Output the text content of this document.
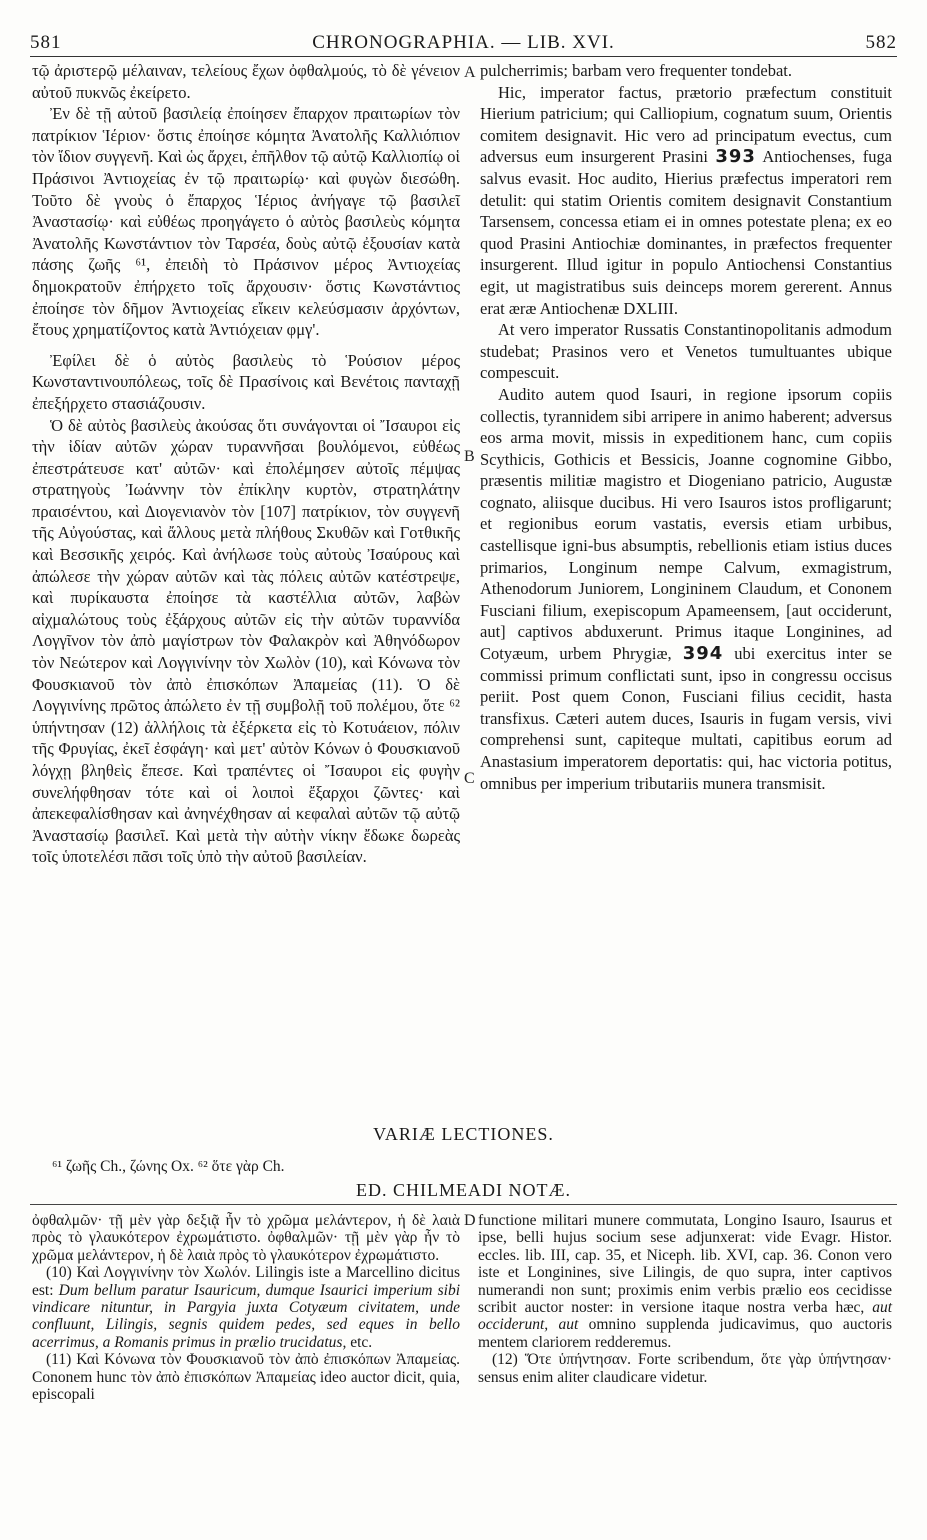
581	CHRONOGRAPHIA. — LIB. XVI.	582

τῷ ἀριστερῷ μέλαιναν, τελείους ἔχων ὀφθαλμούς, τὸ δὲ γένειον αὐτοῦ πυκνῶς ἐκείρετο.

Ἐν δὲ τῇ αὐτοῦ βασιλείᾳ ἐποίησεν ἔπαρχον πραιτωρίων τὸν πατρίκιον Ἱέριον· ὅστις ἐποίησε κόμητα Ἀνατολῆς Καλλιόπιον τὸν ἴδιον συγγενῆ. Καὶ ὡς ἄρχει, ἐπῆλθον τῷ αὐτῷ Καλλιοπίῳ οἱ Πράσινοι Ἀντιοχείας ἐν τῷ πραιτωρίῳ· καὶ φυγὼν διεσώθη. Τοῦτο δὲ γνοὺς ὁ ἔπαρχος Ἱέριος ἀνήγαγε τῷ βασιλεῖ Ἀναστασίῳ· καὶ εὐθέως προηγάγετο ὁ αὐτὸς βασιλεὺς κόμητα Ἀνατολῆς Κωνστάντιον τὸν Ταρσέα, δοὺς αὐτῷ ἐξουσίαν κατὰ πάσης ζωῆς ⁶¹, ἐπειδὴ τὸ Πράσινον μέρος Ἀντιοχείας δημοκρατοῦν ἐπήρχετο τοῖς ἄρχουσιν· ὅστις Κωνστάντιος ἐποίησε τὸν δῆμον Ἀντιοχείας εἴκειν κελεύσμασιν ἀρχόντων, ἔτους χρηματίζοντος κατὰ Ἀντιόχειαν φμγ'.

Ἐφίλει δὲ ὁ αὐτὸς βασιλεὺς τὸ Ῥούσιον μέρος Κωνσταντινουπόλεως, τοῖς δὲ Πρασίνοις καὶ Βενέτοις πανταχῇ ἐπεξήρχετο στασιάζουσιν.

Ὁ δὲ αὐτὸς βασιλεὺς ἀκούσας ὅτι συνάγονται οἱ Ἴσαυροι εἰς τὴν ἰδίαν αὐτῶν χώραν τυραννῆσαι βουλόμενοι, εὐθέως ἐπεστράτευσε κατ' αὐτῶν· καὶ ἐπολέμησεν αὐτοῖς πέμψας στρατηγοὺς Ἰωάννην τὸν ἐπίκλην κυρτὸν, στρατηλάτην πραισέντου, καὶ Διογενιανὸν τὸν [107] πατρίκιον, τὸν συγγενῆ τῆς Αὐγούστας, καὶ ἄλλους μετὰ πλήθους Σκυθῶν καὶ Γοτθικῆς καὶ Βεσσικῆς χειρός. Καὶ ἀνήλωσε τοὺς αὐτοὺς Ἰσαύρους καὶ ἀπώλεσε τὴν χώραν αὐτῶν καὶ τὰς πόλεις αὐτῶν κατέστρεψε, καὶ πυρίκαυστα ἐποίησε τὰ καστέλλια αὐτῶν, λαβὼν αἰχμαλώτους τοὺς ἐξάρχους αὐτῶν εἰς τὴν αὐτῶν τυραννίδα Λογγῖνον τὸν ἀπὸ μαγίστρων τὸν Φαλακρὸν καὶ Ἀθηνόδωρον τὸν Νεώτερον καὶ Λογγινίνην τὸν Χωλὸν (10), καὶ Κόνωνα τὸν Φουσκιανοῦ τὸν ἀπὸ ἐπισκόπων Ἀπαμείας (11). Ὁ δὲ Λογγινίνης πρῶτος ἀπώλετο ἐν τῇ συμβολῇ τοῦ πολέμου, ὅτε ⁶² ὑπήντησαν (12) ἀλλήλοις τὰ ἐξέρκετα εἰς τὸ Κοτυάειον, πόλιν τῆς Φρυγίας, ἐκεῖ ἐσφάγη· καὶ μετ' αὐτὸν Κόνων ὁ Φουσκιανοῦ λόγχῃ βληθεὶς ἔπεσε. Καὶ τραπέντες οἱ Ἴσαυροι εἰς φυγὴν συνελήφθησαν τότε καὶ οἱ λοιποὶ ἔξαρχοι ζῶντες· καὶ ἀπεκεφαλίσθησαν καὶ ἀνηνέχθησαν αἱ κεφαλαὶ αὐτῶν τῷ αὐτῷ Ἀναστασίῳ βασιλεῖ. Καὶ μετὰ τὴν αὐτὴν νίκην ἔδωκε δωρεὰς τοῖς ὑποτελέσι πᾶσι τοῖς ὑπὸ τὴν αὐτοῦ βασιλείαν.

A
B
C
D

pulcherrimis; barbam vero frequenter tondebat.

Hic, imperator factus, prætorio præfectum constituit Hierium patricium; qui Calliopium, cognatum suum, Orientis comitem designavit. Hic vero ad principatum evectus, cum adversus eum insurgerent Prasini 393 Antiochenses, fuga salvus evasit. Hoc audito, Hierius præfectus imperatori rem detulit: qui statim Orientis comitem designavit Constantium Tarsensem, concessa etiam ei in omnes potestate plena; ex eo quod Prasini Antiochiæ dominantes, in præfectos frequenter insurgerent. Illud igitur in populo Antiochensi Constantius egit, ut magistratibus suis deinceps morem gererent. Annus erat æræ Antiochenæ DXLIII.

At vero imperator Russatis Constantinopolitanis admodum studebat; Prasinos vero et Venetos tumultuantes ubique compescuit.

Audito autem quod Isauri, in regione ipsorum copiis collectis, tyrannidem sibi arripere in animo haberent; adversus eos arma movit, missis in expeditionem hanc, cum copiis Scythicis, Gothicis et Bessicis, Joanne cognomine Gibbo, præsentis militiæ magistro et Diogeniano patricio, Augustæ cognato, aliisque ducibus. Hi vero Isauros istos profligarunt; et regionibus eorum vastatis, eversis etiam urbibus, castellisque igni-bus absumptis, rebellionis etiam istius duces primarios, Longinum nempe Calvum, exmagistrum, Athenodorum Juniorem, Longininem Claudum, et Cononem Fusciani filium, exepiscopum Apameensem, [aut occiderunt, aut] captivos abduxerunt. Primus itaque Longinines, ad Cotyæum, urbem Phrygiæ, 394 ubi exercitus inter se commissi primum conflictati sunt, ipso in congressu occisus periit. Post quem Conon, Fusciani filius cecidit, hasta transfixus. Cæteri autem duces, Isauris in fugam versis, vivi comprehensi sunt, capiteque multati, capitibus eorum ad Anastasium imperatorem deportatis: qui, hac victoria potitus, omnibus per imperium tributariis munera transmisit.

VARIÆ LECTIONES.
⁶¹ ζωῆς Ch., ζώνης Ox. ⁶² ὅτε γὰρ Ch.
ED. CHILMEADI NOTÆ.

ὀφθαλμῶν· τῇ μὲν γὰρ δεξιᾷ ἦν τὸ χρῶμα μελάντερον, ἡ δὲ λαιὰ πρὸς τὸ γλαυκότερον ἐχρωμάτιστο. ὀφθαλμῶν· τῇ μὲν γὰρ ἦν τὸ χρῶμα μελάντερον, ἡ δὲ λαιὰ πρὸς τὸ γλαυκότερον ἐχρωμάτιστο.

(10) Καὶ Λογγινίνην τὸν Χωλόν. Lilingis iste a Marcellino dicitus est: Dum bellum paratur Isauricum, dumque Isaurici imperium sibi vindicare nituntur, in Pargyia juxta Cotyæum civitatem, unde confluunt, Lilingis, segnis quidem pedes, sed eques in bello acerrimus, a Romanis primus in prælio trucidatus, etc.

(11) Καὶ Κόνωνα τὸν Φουσκιανοῦ τὸν ἀπὸ ἐπισκόπων Ἀπαμείας. Cononem hunc τὸν ἀπὸ ἐπισκόπων Ἀπαμείας ideo auctor dicit, quia, episcopali

functione militari munere commutata, Longino Isauro, Isaurus et ipse, belli hujus socium sese adjunxerat: vide Evagr. Histor. eccles. lib. III, cap. 35, et Niceph. lib. XVI, cap. 36. Conon vero iste et Longinines, sive Lilingis, de quo supra, inter captivos numerandi non sunt; proximis enim verbis prælio eos cecidisse scribit auctor noster: in versione itaque nostra verba hæc, aut occiderunt, aut omnino supplenda judicavimus, quo auctoris mentem clariorem redderemus.

(12) Ὅτε ὑπήντησαν. Forte scribendum, ὅτε γὰρ ὑπήντησαν· sensus enim aliter claudicare videtur.
